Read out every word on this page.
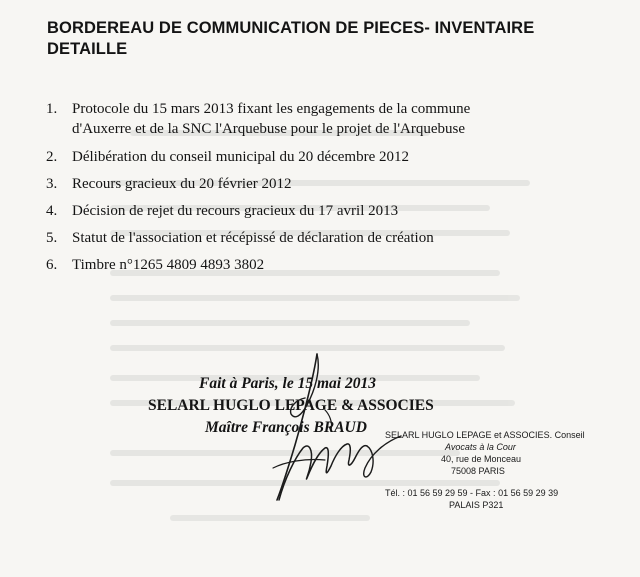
BORDEREAU DE COMMUNICATION DE PIECES- INVENTAIRE DETAILLE
1. Protocole du 15 mars 2013 fixant les engagements de la commune
d'Auxerre et de la SNC l'Arquebuse pour le projet de l'Arquebuse
2. Délibération du conseil municipal du 20 décembre 2012
3. Recours gracieux du 20 février 2012
4. Décision de rejet du recours gracieux du 17 avril 2013
5. Statut de l'association et récépissé de déclaration de création
6. Timbre n°1265 4809 4893 3802
Fait à Paris, le 15 mai 2013
SELARL HUGLO LEPAGE & ASSOCIES
Maître François BRAUD SELARL HUGLO LEPAGE et ASSOCIES. Conseil
Avocats à la Cour
40, rue de Monceau
75008 PARIS
Tél. : 01 56 59 29 59 - Fax : 01 56 59 29 39
PALAIS P321
